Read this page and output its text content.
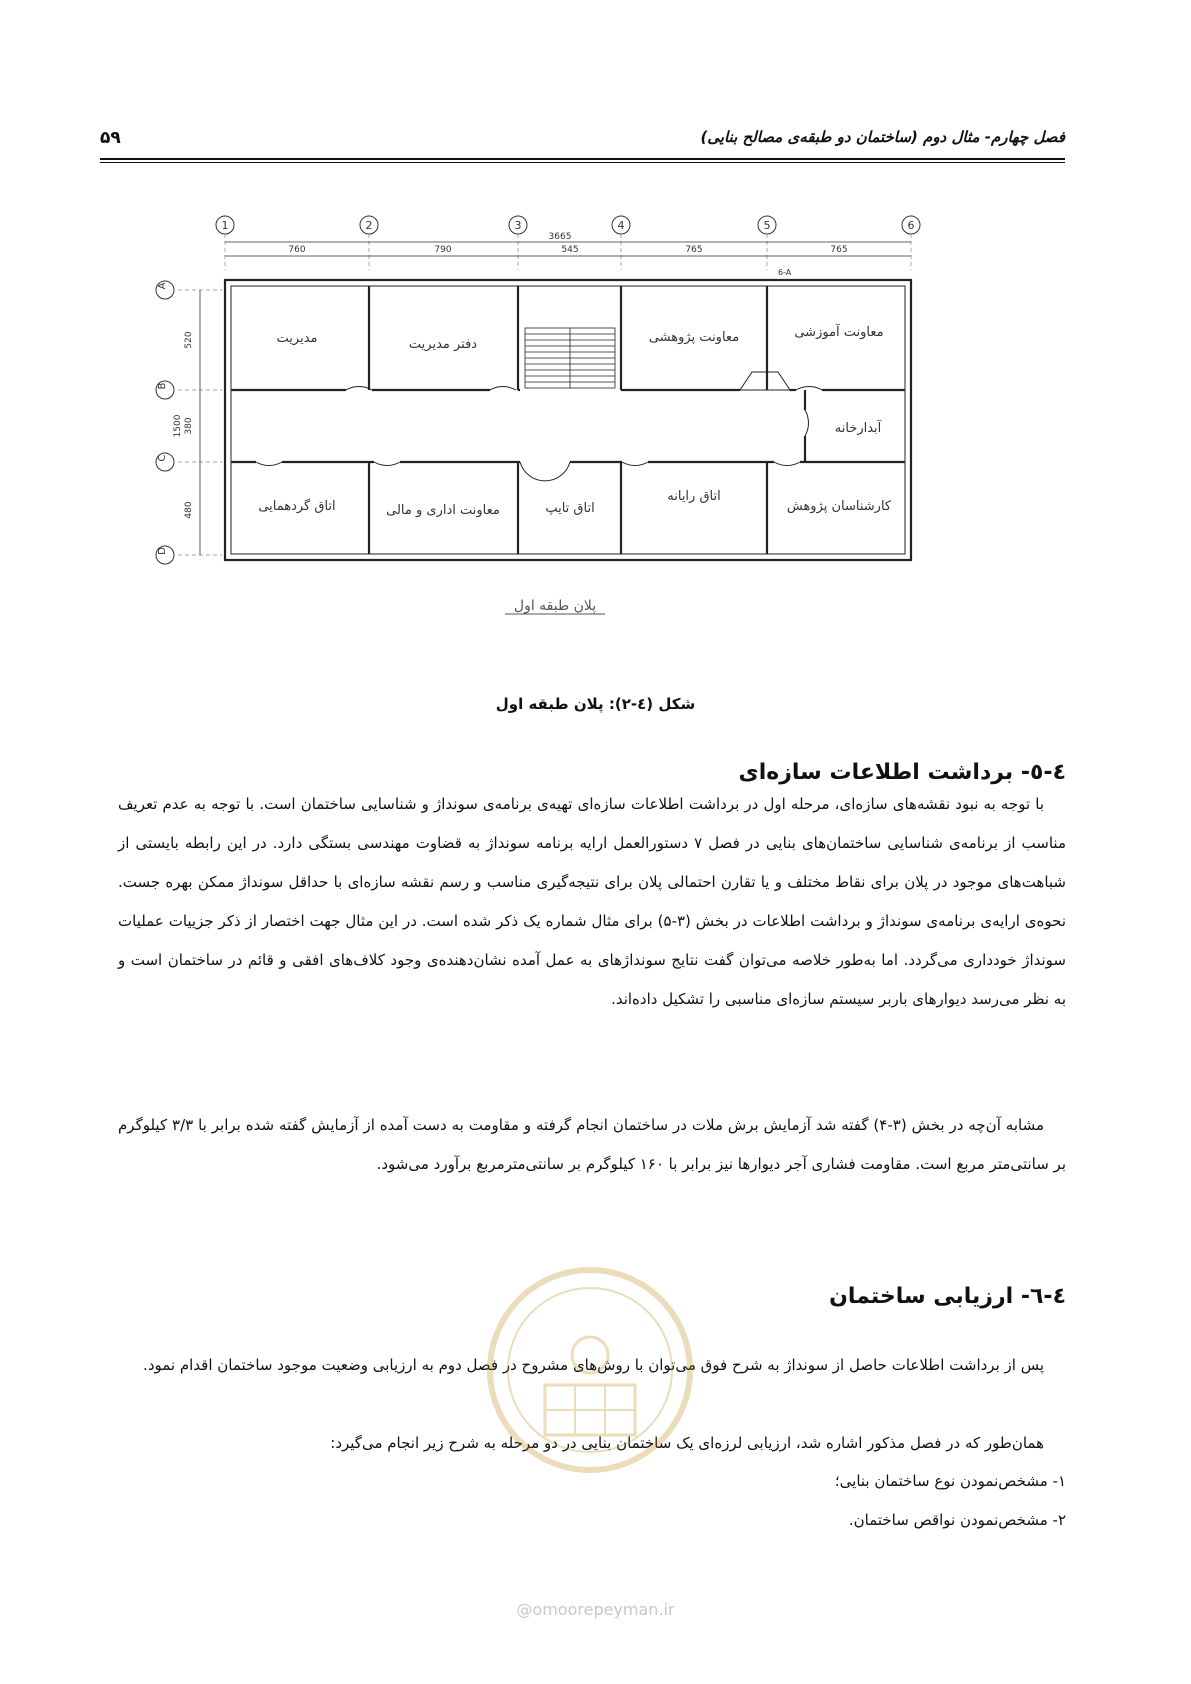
فصل چهارم- مثال دوم (ساختمان دو طبقه‌ی مصالح بنایی)
۵۹
1	2	3	4	5	6
3665
760	790	545	765	765
A
B
C
D
520
1500 380
480
6-A
مدیریت	دفتر مدیریت	معاونت پژوهشی	معاونت آموزشی
آبدارخانه
اتاق گردهمایی	معاونت اداری و مالی	اتاق تایپ
اتاق رایانه
کارشناسان پژوهش
پلان طبقه اول
شکل (٤-٢): پلان طبقه اول
٤-٥- برداشت اطلاعات سازه‌ای
با توجه به نبود نقشه‌های سازه‌ای، مرحله اول در برداشت اطلاعات سازه‌ای تهیه‌ی برنامه‌ی سونداژ و شناسایی ساختمان است. با توجه به عدم تعریف مناسب از برنامه‌ی شناسایی ساختمان‌های بنایی در فصل ۷ دستورالعمل ارایه برنامه سونداژ به قضاوت مهندسی بستگی دارد. در این رابطه بایستی از شباهت‌های موجود در پلان برای نقاط مختلف و یا تقارن احتمالی پلان برای نتیجه‌گیری مناسب و رسم نقشه سازه‌ای با حداقل سونداژ ممکن بهره جست. نحوه‌ی ارایه‌ی برنامه‌ی سونداژ و برداشت اطلاعات در بخش (۳-۵) برای مثال شماره یک ذکر شده است. در این مثال جهت اختصار از ذکر جزییات عملیات سونداژ خودداری می‌گردد. اما به‌طور خلاصه می‌توان گفت نتایج سونداژهای به عمل آمده نشان‌دهنده‌ی وجود کلاف‌های افقی و قائم در ساختمان است و به نظر می‌رسد دیوارهای باربر سیستم سازه‌ای مناسبی را تشکیل داده‌اند.
مشابه آن‌چه در بخش (۳-۴) گفته شد آزمایش برش ملات در ساختمان انجام گرفته و مقاومت به دست آمده از آزمایش گفته شده برابر با ۳/۳ کیلوگرم بر سانتی‌متر مربع است. مقاومت فشاری آجر دیوارها نیز برابر با ۱۶۰ کیلوگرم بر سانتی‌مترمربع برآورد می‌شود.
٤-٦- ارزیابی ساختمان
پس از برداشت اطلاعات حاصل از سونداژ به شرح فوق می‌توان با روش‌های مشروح در فصل دوم به ارزیابی وضعیت موجود ساختمان اقدام نمود.
همان‌طور که در فصل مذکور اشاره شد، ارزیابی لرزه‌ای یک ساختمان بنایی در دو مرحله به شرح زیر انجام می‌گیرد:
۱- مشخص‌نمودن نوع ساختمان بنایی؛
۲- مشخص‌نمودن نواقص ساختمان.
@omoorepeyman.ir
